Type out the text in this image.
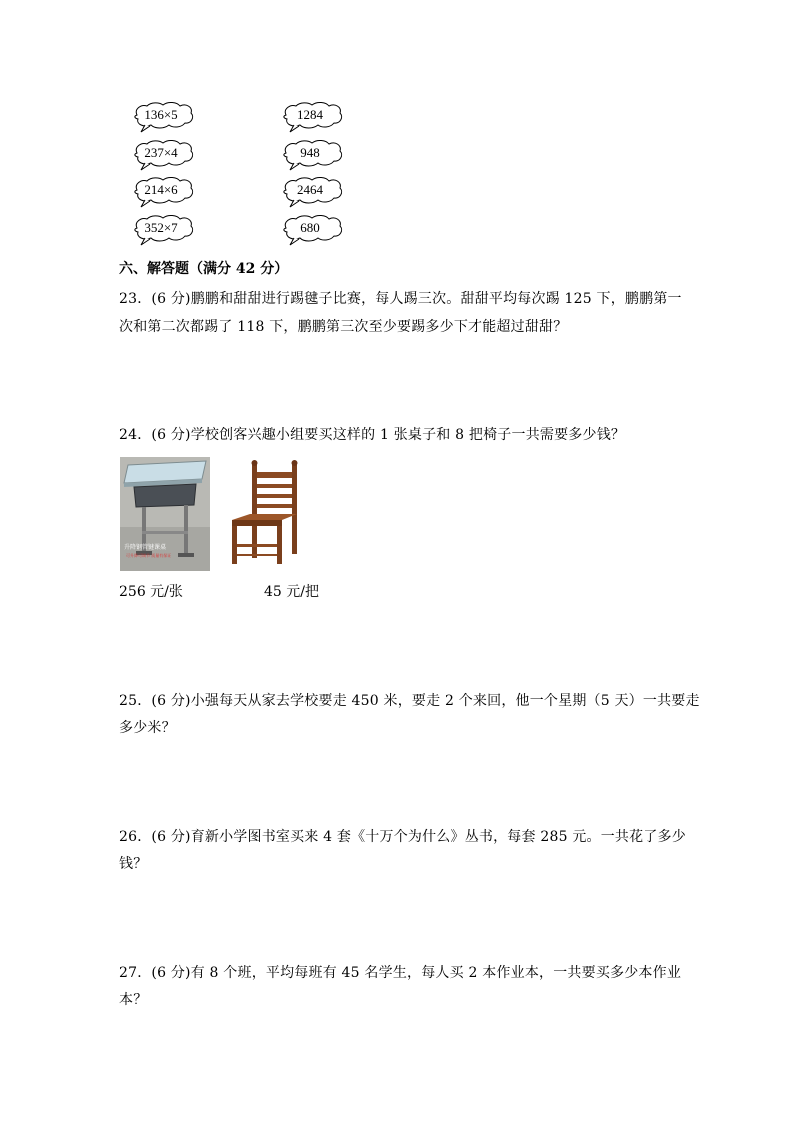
136×5
237×4
214×6
352×7
1284
948
2464
680
六、解答题（满分 42 分）
23．(6 分)鹏鹏和甜甜进行踢毽子比赛，每人踢三次。甜甜平均每次踢 125 下，鹏鹏第一
次和第二次都踢了 118 下，鹏鹏第三次至少要踢多少下才能超过甜甜？
24．(6 分)学校创客兴趣小组要买这样的 1 张桌子和 8 把椅子一共需要多少钱？
升降钢管键课桌
可升降可调节 质量有保证
256 元/张	45 元/把
25．(6 分)小强每天从家去学校要走 450 米，要走 2 个来回，他一个星期（5 天）一共要走
多少米？
26．(6 分)育新小学图书室买来 4 套《十万个为什么》丛书，每套 285 元。一共花了多少
钱？
27．(6 分)有 8 个班，平均每班有 45 名学生，每人买 2 本作业本，一共要买多少本作业
本？
